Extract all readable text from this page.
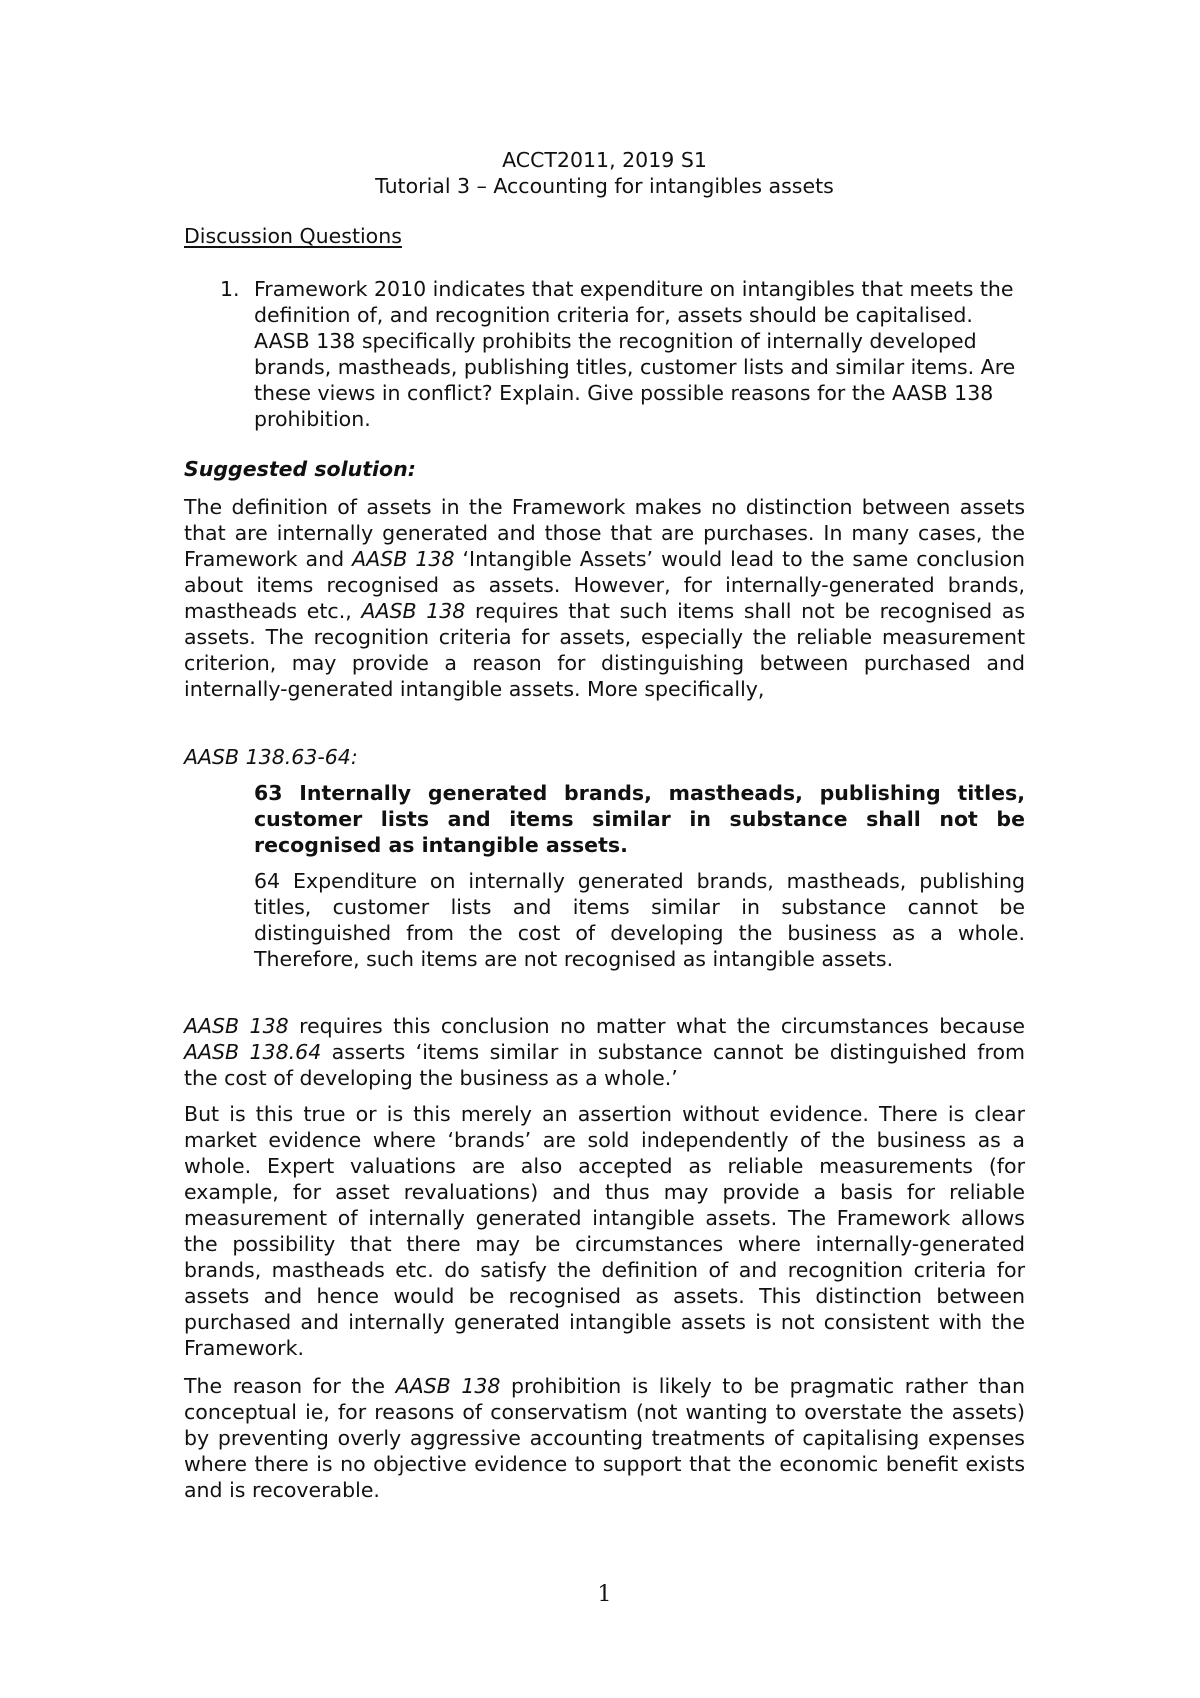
ACCT2011, 2019 S1
Tutorial 3 – Accounting for intangibles assets
Discussion Questions
1. Framework 2010 indicates that expenditure on intangibles that meets the definition of, and recognition criteria for, assets should be capitalised. AASB 138 specifically prohibits the recognition of internally developed brands, mastheads, publishing titles, customer lists and similar items. Are these views in conflict? Explain. Give possible reasons for the AASB 138 prohibition.
Suggested solution:

The definition of assets in the Framework makes no distinction between assets that are internally generated and those that are purchases. In many cases, the Framework and AASB 138 ‘Intangible Assets’ would lead to the same conclusion about items recognised as assets. However, for internally-generated brands, mastheads etc., AASB 138 requires that such items shall not be recognised as assets. The recognition criteria for assets, especially the reliable measurement criterion, may provide a reason for distinguishing between purchased and internally-generated intangible assets. More specifically,

AASB 138.63-64:
63 Internally generated brands, mastheads, publishing titles, customer lists and items similar in substance shall not be recognised as intangible assets.
64 Expenditure on internally generated brands, mastheads, publishing titles, customer lists and items similar in substance cannot be distinguished from the cost of developing the business as a whole. Therefore, such items are not recognised as intangible assets.

AASB 138 requires this conclusion no matter what the circumstances because AASB 138.64 asserts ‘items similar in substance cannot be distinguished from the cost of developing the business as a whole.’

But is this true or is this merely an assertion without evidence. There is clear market evidence where ‘brands’ are sold independently of the business as a whole. Expert valuations are also accepted as reliable measurements (for example, for asset revaluations) and thus may provide a basis for reliable measurement of internally generated intangible assets. The Framework allows the possibility that there may be circumstances where internally-generated brands, mastheads etc. do satisfy the definition of and recognition criteria for assets and hence would be recognised as assets. This distinction between purchased and internally generated intangible assets is not consistent with the Framework.

The reason for the AASB 138 prohibition is likely to be pragmatic rather than conceptual ie, for reasons of conservatism (not wanting to overstate the assets) by preventing overly aggressive accounting treatments of capitalising expenses where there is no objective evidence to support that the economic benefit exists and is recoverable.

1
